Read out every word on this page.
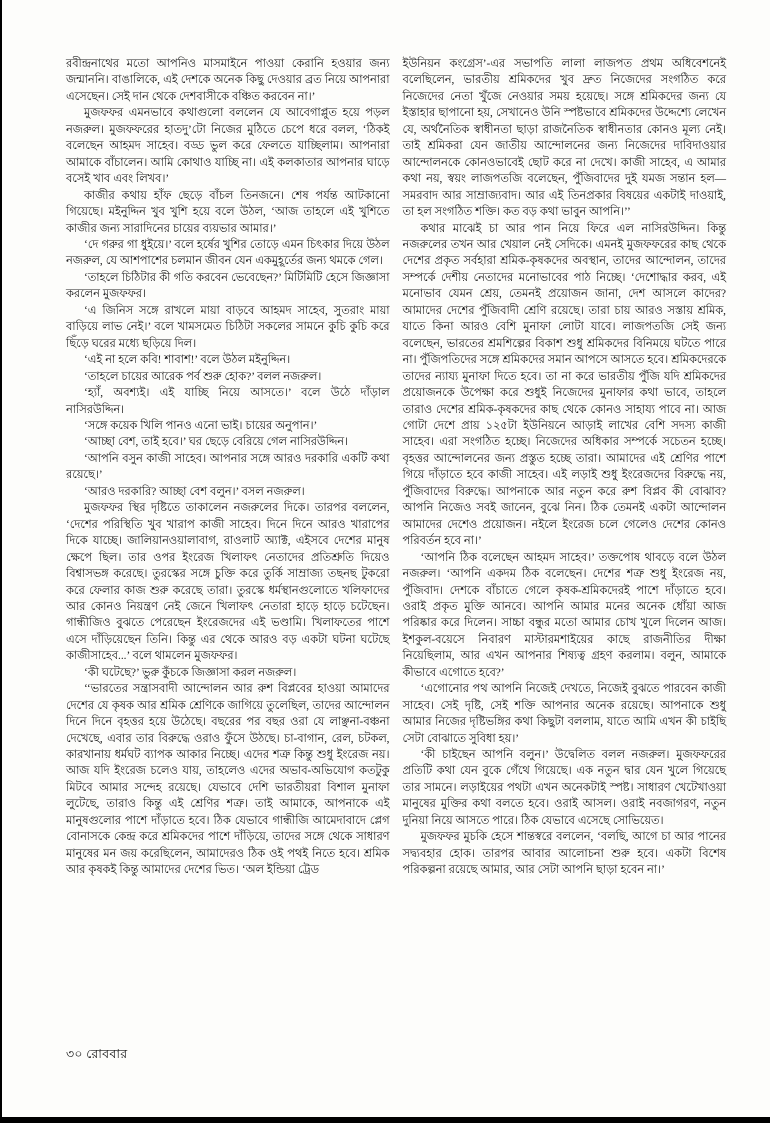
রবীন্দ্রনাথের মতো আপনিও মাসমাইনে পাওয়া কেরানি হওয়ার জন্য জন্মাননি। বাঙালিকে, এই দেশকে অনেক কিছু দেওয়ার ব্রত নিয়ে আপনারা এসেছেন। সেই দান থেকে দেশবাসীকে বঞ্চিত করবেন না।’

মুজফফর এমনভাবে কথাগুলো বললেন যে আবেগাপ্লুত হয়ে পড়ল নজরুল। মুজফফরের হাতদু’টো নিজের মুঠিতে চেপে ধরে বলল, ‘ঠিকই বলেছেন আহমদ সাহেব। বড্ড ভুল করে ফেলতে যাচ্ছিলাম। আপনারা আমাকে বাঁচালেন। আমি কোথাও যাচ্ছি না। এই কলকাতার আপনার ঘাড়ে বসেই খাব এবং লিখব।’

কাজীর কথায় হাঁফ ছেড়ে বাঁচল তিনজনে। শেষ পর্যন্ত আটকানো গিয়েছে। মইনুদ্দিন খুব খুশি হয়ে বলে উঠল, ‘আজ তাহলে এই খুশিতে কাজীর জন্য সারাদিনের চায়ের ব্যয়ভার আমার।’

‘দে গরুর গা ধুইয়ে।’ বলে হর্ষের খুশির তোড়ে এমন চিৎকার দিয়ে উঠল নজরুল, যে আশপাশের চলমান জীবন যেন একমুহূর্তের জন্য থমকে গেল।

‘তাহলে চিঠিটার কী গতি করবেন ভেবেছেন?’ মিটিমিটি হেসে জিজ্ঞাসা করলেন মুজফফর।

‘এ জিনিস সঙ্গে রাখলে মায়া বাড়বে আহমদ সাহেব, সুতরাং মায়া বাড়িয়ে লাভ নেই।’ বলে খামসমেত চিঠিটা সকলের সামনে কুচি কুচি করে ছিঁড়ে ঘরের মধ্যে ছড়িয়ে দিল।

‘এই না হলে কবি! শাবাশ!’ বলে উঠল মইনুদ্দিন।

‘তাহলে চায়ের আরেক পর্ব শুরু হোক?’ বলল নজরুল।

‘হ্যাঁ, অবশ্যই। এই যাচ্ছি নিয়ে আসতে।’ বলে উঠে দাঁড়াল নাসিরউদ্দিন।

‘সঙ্গে কয়েক খিলি পানও এনো ভাই। চায়ের অনুপান।’

‘আচ্ছা বেশ, তাই হবে।’ ঘর ছেড়ে বেরিয়ে গেল নাসিরউদ্দিন।

‘আপনি বসুন কাজী সাহেব। আপনার সঙ্গে আরও দরকারি একটি কথা রয়েছে।’

‘আরও দরকারি? আচ্ছা বেশ বলুন।’ বসল নজরুল।

মুজফফর স্থির দৃষ্টিতে তাকালেন নজরুলের দিকে। তারপর বললেন, ‘দেশের পরিস্থিতি খুব খারাপ কাজী সাহেব। দিনে দিনে আরও খারাপের দিকে যাচ্ছে। জালিয়ানওয়ালাবাগ, রাওলাট অ্যাক্ট, এইসবে দেশের মানুষ ক্ষেপে ছিল। তার ওপর ইংরেজ খিলাফৎ নেতাদের প্রতিশ্রুতি দিয়েও বিশ্বাসভঙ্গ করেছে। তুরস্কের সঙ্গে চুক্তি করে তুর্কি সাম্রাজ্য তছনছ টুকরো করে ফেলার কাজ শুরু করেছে তারা। তুরস্কে ধর্মস্থানগুলোতে খলিফাদের আর কোনও নিয়ন্ত্রণ নেই জেনে খিলাফৎ নেতারা হাড়ে হাড়ে চটেছেন। গান্ধীজিও বুঝতে পেরেছেন ইংরেজদের এই ভণ্ডামি। খিলাফতের পাশে এসে দাঁড়িয়েছেন তিনি। কিন্তু এর থেকে আরও বড় একটা ঘটনা ঘটেছে কাজীসাহেব...’ বলে থামলেন মুজফফর।

‘কী ঘটেছে?’ ভুরু কুঁচকে জিজ্ঞাসা করল নজরুল।

‘‘ভারতের সন্ত্রাসবাদী আন্দোলন আর রুশ বিপ্লবের হাওয়া আমাদের দেশের যে কৃষক আর শ্রমিক শ্রেণিকে জাগিয়ে তুলেছিল, তাদের আন্দোলন দিনে দিনে বৃহত্তর হয়ে উঠেছে। বছরের পর বছর ওরা যে লাঞ্ছনা-বঞ্চনা দেখেছে, এবার তার বিরুদ্ধে ওরাও ফুঁসে উঠছে। চা-বাগান, রেল, চটকল, কারখানায় ধর্মঘট ব্যাপক আকার নিচ্ছে। এদের শত্রু কিন্তু শুধু ইংরেজ নয়। আজ যদি ইংরেজ চলেও যায়, তাহলেও এদের অভাব-অভিযোগ কতটুকু মিটবে আমার সন্দেহ রয়েছে। যেভাবে দেশি ভারতীয়রা বিশাল মুনাফা লুটেছে, তারাও কিন্তু এই শ্রেণির শত্রু। তাই আমাকে, আপনাকে এই মানুষগুলোর পাশে দাঁড়াতে হবে। ঠিক যেভাবে গান্ধীজি আমেদাবাদে প্লেগ বোনাসকে কেন্দ্র করে শ্রমিকদের পাশে দাঁড়িয়ে, তাদের সঙ্গে থেকে সাধারণ মানুষের মন জয় করেছিলেন, আমাদেরও ঠিক ওই পথই নিতে হবে। শ্রমিক আর কৃষকই কিন্তু আমাদের দেশের ভিত। ‘অল ইন্ডিয়া ট্রেড

ইউনিয়ন কংগ্রেস’-এর সভাপতি লালা লাজপত প্রথম অধিবেশনেই বলেছিলেন, ভারতীয় শ্রমিকদের খুব দ্রুত নিজেদের সংগঠিত করে নিজেদের নেতা খুঁজে নেওয়ার সময় হয়েছে। সঙ্গে শ্রমিকদের জন্য যে ইস্তাহার ছাপানো হয়, সেখানেও উনি স্পষ্টভাবে শ্রমিকদের উদ্দেশ্যে লেখেন যে, অর্থনৈতিক স্বাধীনতা ছাড়া রাজনৈতিক স্বাধীনতার কোনও মূল্য নেই। তাই শ্রমিকরা যেন জাতীয় আন্দোলনের জন্য নিজেদের দাবিদাওয়ার আন্দোলনকে কোনওভাবেই ছোট করে না দেখে। কাজী সাহেব, এ আমার কথা নয়, স্বয়ং লাজপতজি বলেছেন, পুঁজিবাদের দুই যমজ সন্তান হল— সমরবাদ আর সাম্রাজ্যবাদ। আর এই তিনপ্রকার বিষয়ের একটাই দাওয়াই, তা হল সংগঠিত শক্তি। কত বড় কথা ভাবুন আপনি।’’

কথার মাঝেই চা আর পান নিয়ে ফিরে এল নাসিরউদ্দিন। কিন্তু নজরুলের তখন আর খেয়াল নেই সেদিকে। এমনই মুজফফরের কাছ থেকে দেশের প্রকৃত সর্বহারা শ্রমিক-কৃষকদের অবস্থান, তাদের আন্দোলন, তাদের সম্পর্কে দেশীয় নেতাদের মনোভাবের পাঠ নিচ্ছে। ‘দেশোদ্ধার করব, এই মনোভাব যেমন শ্রেয়, তেমনই প্রয়োজন জানা, দেশ আসলে কাদের? আমাদের দেশের পুঁজিবাদী শ্রেণি রয়েছে। তারা চায় আরও সস্তায় শ্রমিক, যাতে কিনা আরও বেশি মুনাফা লোটা যাবে। লাজপতজি সেই জন্য বলেছেন, ভারতের শ্রমশিল্পের বিকাশ শুধু শ্রমিকদের বিনিময়ে ঘটতে পারে না। পুঁজিপতিদের সঙ্গে শ্রমিকদের সমান আপসে আসতে হবে। শ্রমিকদেরকে তাদের ন্যায্য মুনাফা দিতে হবে। তা না করে ভারতীয় পুঁজি যদি শ্রমিকদের প্রয়োজনকে উপেক্ষা করে শুধুই নিজেদের মুনাফার কথা ভাবে, তাহলে তারাও দেশের শ্রমিক-কৃষকদের কাছ থেকে কোনও সাহায্য পাবে না। আজ গোটা দেশে প্রায় ১২৫টা ইউনিয়নে আড়াই লাখের বেশি সদস্য কাজী সাহেব। এরা সংগঠিত হচ্ছে। নিজেদের অধিকার সম্পর্কে সচেতন হচ্ছে। বৃহত্তর আন্দোলনের জন্য প্রস্তুত হচ্ছে তারা। আমাদের এই শ্রেণির পাশে গিয়ে দাঁড়াতে হবে কাজী সাহেব। এই লড়াই শুধু ইংরেজদের বিরুদ্ধে নয়, পুঁজিবাদের বিরুদ্ধে। আপনাকে আর নতুন করে রুশ বিপ্লব কী বোঝাব? আপনি নিজেও সবই জানেন, বুঝে নিন। ঠিক তেমনই একটা আন্দোলন আমাদের দেশেও প্রয়োজন। নইলে ইংরেজ চলে গেলেও দেশের কোনও পরিবর্তন হবে না।’

‘আপনি ঠিক বলেছেন আহমদ সাহেব।’ তক্তপোষ থাবড়ে বলে উঠল নজরুল। ‘আপনি একদম ঠিক বলেছেন। দেশের শত্রু শুধু ইংরেজ নয়, পুঁজিবাদ। দেশকে বাঁচাতে গেলে কৃষক-শ্রমিকদেরই পাশে দাঁড়াতে হবে। ওরাই প্রকৃত মুক্তি আনবে। আপনি আমার মনের অনেক ধোঁয়া আজ পরিষ্কার করে দিলেন। সাচ্চা বন্ধুর মতো আমার চোখ খুলে দিলেন আজ। ইশকুল-বয়েসে নিবারণ মাস্টারমশাইয়ের কাছে রাজনীতির দীক্ষা নিয়েছিলাম, আর এখন আপনার শিষ্যত্ব গ্রহণ করলাম। বলুন, আমাকে কীভাবে এগোতে হবে?’

‘এগোনোর পথ আপনি নিজেই দেখতে, নিজেই বুঝতে পারবেন কাজী সাহেব। সেই দৃষ্টি, সেই শক্তি আপনার অনেক রয়েছে। আপনাকে শুধু আমার নিজের দৃষ্টিভঙ্গির কথা কিছুটা বললাম, যাতে আমি এখন কী চাইছি সেটা বোঝাতে সুবিধা হয়।’

‘কী চাইছেন আপনি বলুন।’ উদ্বেলিত বলল নজরুল। মুজফফরের প্রতিটি কথা যেন বুকে গেঁথে গিয়েছে। এক নতুন দ্বার যেন খুলে গিয়েছে তার সামনে। লড়াইয়ের পথটা এখন অনেকটাই স্পষ্ট। সাধারণ খেটেখাওয়া মানুষের মুক্তির কথা বলতে হবে। ওরাই আসল। ওরাই নবজাগরণ, নতুন দুনিয়া নিয়ে আসতে পারে। ঠিক যেভাবে এসেছে সোভিয়েত।

মুজফফর মুচকি হেসে শান্তস্বরে বললেন, ‘বলছি, আগে চা আর পানের সদ্ব্যবহার হোক। তারপর আবার আলোচনা শুরু হবে। একটা বিশেষ পরিকল্পনা রয়েছে আমার, আর সেটা আপনি ছাড়া হবেন না।’

৩০ রোববার
